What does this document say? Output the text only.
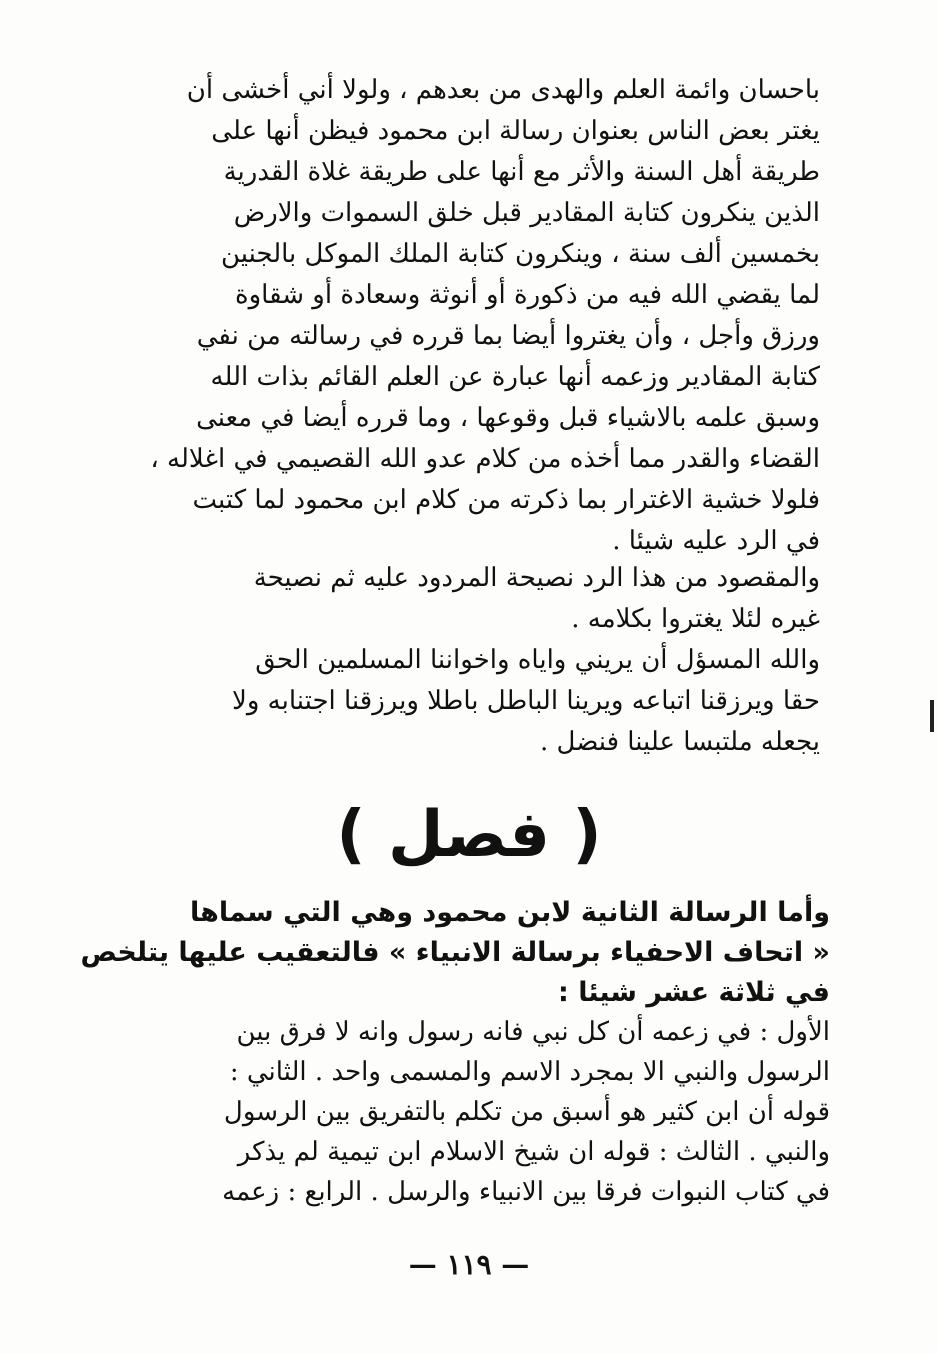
باحسان وائمة العلم والهدى من بعدهم ، ولولا أني أخشى أن
يغتر بعض الناس بعنوان رسالة ابن محمود فيظن أنها على
طريقة أهل السنة والأثر مع أنها على طريقة غلاة القدرية
الذين ينكرون كتابة المقادير قبل خلق السموات والارض
بخمسين ألف سنة ، وينكرون كتابة الملك الموكل بالجنين
لما يقضي الله فيه من ذكورة أو أنوثة وسعادة أو شقاوة
ورزق وأجل ، وأن يغتروا أيضا بما قرره في رسالته من نفي
كتابة المقادير وزعمه أنها عبارة عن العلم القائم بذات الله
وسبق علمه بالاشياء قبل وقوعها ، وما قرره أيضا في معنى
القضاء والقدر مما أخذه من كلام عدو الله القصيمي في اغلاله ،
فلولا خشية الاغترار بما ذكرته من كلام ابن محمود لما كتبت
في الرد عليه شيئا .
والمقصود من هذا الرد نصيحة المردود عليه ثم نصيحة
غيره لئلا يغتروا بكلامه .
والله المسؤل أن يريني واياه واخواننا المسلمين الحق
حقا ويرزقنا اتباعه ويرينا الباطل باطلا ويرزقنا اجتنابه ولا
يجعله ملتبسا علينا فنضل .
( فصل )
وأما الرسالة الثانية لابن محمود وهي التي سماها
« اتحاف الاحفياء برسالة الانبياء » فالتعقيب عليها يتلخص
في ثلاثة عشر شيئا :
الأول : في زعمه أن كل نبي فانه رسول وانه لا فرق بين
الرسول والنبي الا بمجرد الاسم والمسمى واحد . الثاني :
قوله أن ابن كثير هو أسبق من تكلم بالتفريق بين الرسول
والنبي . الثالث : قوله ان شيخ الاسلام ابن تيمية لم يذكر
في كتاب النبوات فرقا بين الانبياء والرسل . الرابع : زعمه
— ١١٩ —
